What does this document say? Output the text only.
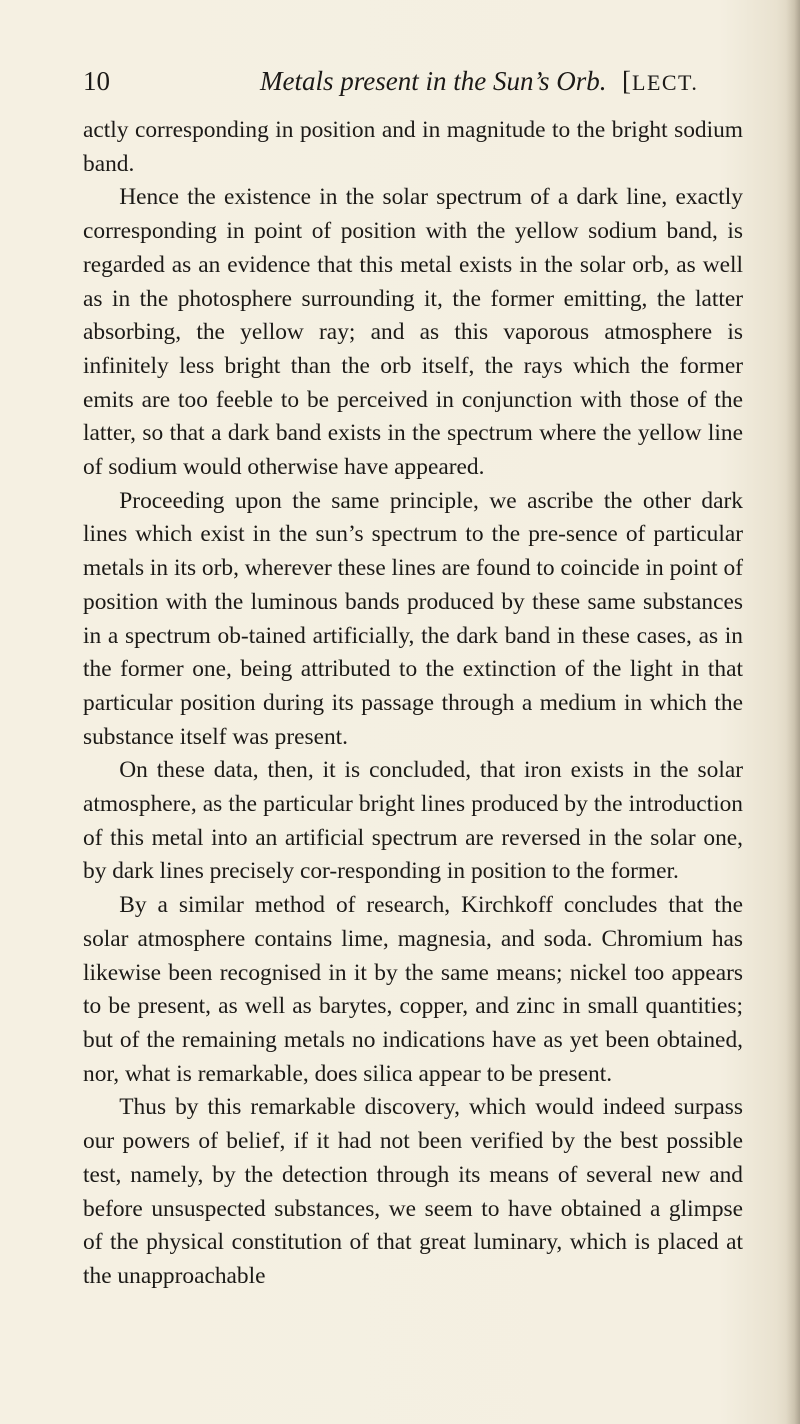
10	Metals present in the Sun’s Orb. [LECT.

actly corresponding in position and in magnitude to the bright sodium band.

Hence the existence in the solar spectrum of a dark line, exactly corresponding in point of position with the yellow sodium band, is regarded as an evidence that this metal exists in the solar orb, as well as in the photosphere surrounding it, the former emitting, the latter absorbing, the yellow ray; and as this vaporous atmosphere is infinitely less bright than the orb itself, the rays which the former emits are too feeble to be perceived in conjunction with those of the latter, so that a dark band exists in the spectrum where the yellow line of sodium would otherwise have appeared.

Proceeding upon the same principle, we ascribe the other dark lines which exist in the sun’s spectrum to the pre-sence of particular metals in its orb, wherever these lines are found to coincide in point of position with the luminous bands produced by these same substances in a spectrum ob-tained artificially, the dark band in these cases, as in the former one, being attributed to the extinction of the light in that particular position during its passage through a medium in which the substance itself was present.

On these data, then, it is concluded, that iron exists in the solar atmosphere, as the particular bright lines produced by the introduction of this metal into an artificial spectrum are reversed in the solar one, by dark lines precisely cor-responding in position to the former.

By a similar method of research, Kirchkoff concludes that the solar atmosphere contains lime, magnesia, and soda. Chromium has likewise been recognised in it by the same means; nickel too appears to be present, as well as barytes, copper, and zinc in small quantities; but of the remaining metals no indications have as yet been obtained, nor, what is remarkable, does silica appear to be present.

Thus by this remarkable discovery, which would indeed surpass our powers of belief, if it had not been verified by the best possible test, namely, by the detection through its means of several new and before unsuspected substances, we seem to have obtained a glimpse of the physical constitution of that great luminary, which is placed at the unapproachable
